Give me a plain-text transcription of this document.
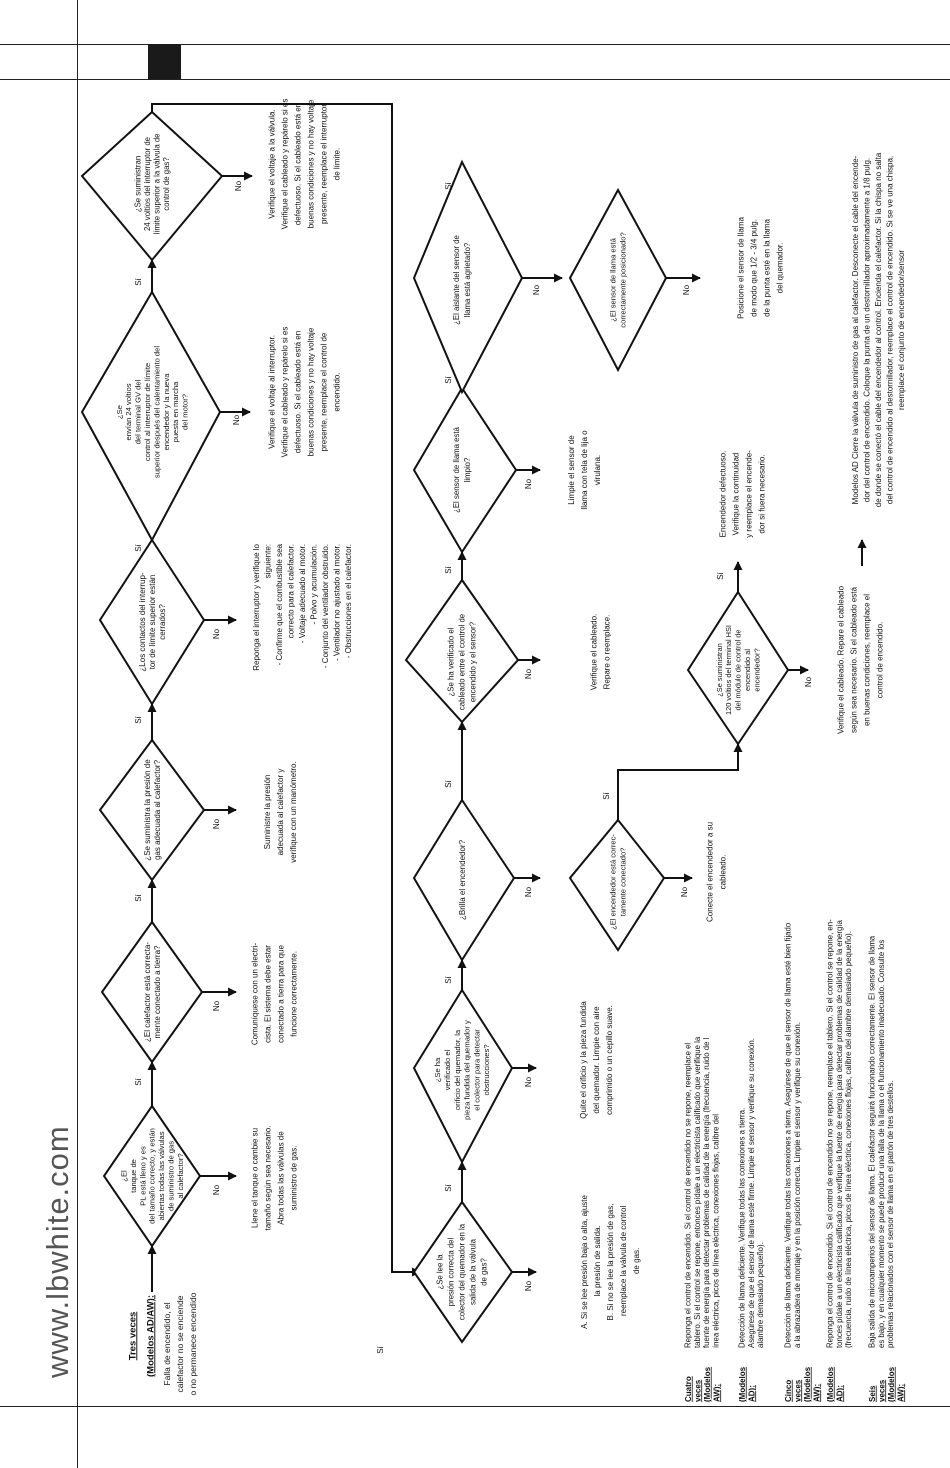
www.lbwhite.com	Tres veces (Modelos AD/AW): Falla de encendido, el calefactor no se enciende o no permanece encendido
¿Eltanque dePL está lleno y esdel tamaño correcto, y estánabiertas todas las válvulasde suministro de gasal calefactor?
¿El calefactor está correcta-mente conectado a tierra?
¿Se suministra la presión degas adecuada al calefactor?
¿Los contactos del interrup-tor de límite superior estáncerrados?
¿Seenvían 24 voltiosdel terminal GV delcontrol al interruptor de límitesuperior después del calentamiento delencendedor y la nuevapuesta en marchadel motor?
¿Se suministran24 voltios del interruptor delímite superior a la válvula decontrol de gas?
Llene el tanque o cambie su tamaño según sea necesario. Abra todas las válvulas de suministro de gas.
Comuníquese con un electri- cista. El sistema debe estar conectado a tierra para que funcione correctamente.
Suministre la presión adecuada al calefactor y verifique con un manómetro.
Reponga el interruptor y verifique lo siguiente: - Confirme que el combustible sea correcto para el calefactor. - Voltaje adecuado al motor. - Polvo y acumulación. - Conjunto del ventilador obstruido. - Ventilador no ajustado al motor. - Obstrucciones en el calefactor.
Verifique el voltaje al interruptor. Verifique el cableado y repárelo si es defectuoso. Si el cableado está en buenas condiciones y no hay voltaje presente, reemplace el control de encendido.
Verifique el voltaje a la válvula. Verifique el cableado y repárelo si es defectuoso. Si el cableado está en buenas condiciones y no hay voltaje presente, reemplace el interruptor de límite.
Sí
Sí
Sí
Sí
Sí
No
No
No
No
No
No
Sí
¿Se lee la presión correcta del colector del quemador en la salida de la válvula de gas?
¿Se haverificado elorificio del quemador, lapieza fundida del quemador yel colector para detectarobstrucciones?
¿Brilla el encendedor?	¿El encendedor está correc-tamente conectado?
¿Se ha verificado el cableado entre el control de encendido y el sensor?	¿Se suministran120 voltios del terminal HSIdel módulo de control deencendido alencendedor?
¿El sensor de llama está limpio?
¿El aislante del sensor de llama está agrietado?	¿El sensor de llama estácorrectamente posicionado?
A. Si se lee presión baja o alta, ajuste la presión de salida. B. Si no se lee la presión de gas, reemplace la válvula de control de gas.
Quite el orificio y la pieza fundida del quemador. Limpie con aire comprimido o un cepillo suave.
Conecte el encendedor a su cableado.
Verifique el cableado. Repare o reemplace.	Verifique el cableado. Repare el cableado según sea necesario. Si el cableado está en buenas condiciones, reemplace el control de encendido.
Encendedor defectuoso. Verifique la continuidad y reemplace el encende- dor si fuera necesario.
Limpie el sensor de llama con tela de lija o virulana.
Posicione el sensor de llama de modo que 1/2 - 3/4 pulg. de la punta esté en la llama del quemador.	Modelos AD Cierre la válvula de suministro de gas al calefactor. Desconecte el cable del encende- dor del control de encendido. Coloque la punta de un destornillador aproximadamente a 1/8 pulg. de donde se conectó el cable del encendedor al control. Encienda el calefactor. Si la chispa no salta del control de encendido al destornillador, reemplace el control de encendido. Si se ve una chispa, reemplace el conjunto de encendedor/sensor
Sí
Sí
Sí
Sí
Sí
Sí
Sí
Sí
No
No
No
No
No
No
No
No
No
Cuatroveces(ModelosAW):
Reponga el control de encendido. Si el control de encendido no se repone, reemplace eltablero. Si el control se repone, entonces pídale a un electricista calificado que verifique lafuente de energía para detectar problemas de calidad de la energía (frecuencia, ruido de línea eléctrica, picos de línea eléctrica, conexiones flojas, calibre del
(ModelosAD):
Detección de llama deficiente. Verifique todas las conexiones a tierra.Asegúrese de que el sensor de llama esté firme. Limpie el sensor y verifique su conexión.alambre demasiado pequeño).
Cincoveces(ModelosAW):
Detección de llama deficiente. Verifique todas las conexiones a tierra. Asegúrese de que el sensor de llama esté bien fijadoa la abrazadera de montaje y en la posición correcta. Limpie el sensor y verifique su conexión.
(ModelosAD):
Reponga el control de encendido. Si el control de encendido no se repone, reemplace el tablero. Si el control se repone, en-tonces pídale a un electricista calificado que verifique la fuente de energía para detectar problemas de calidad de la energía(frecuencia, ruido de línea eléctrica, picos de línea eléctrica, conexiones flojas, calibre del alambre demasiado pequeño).
Seisveces(ModelosAW):
Baja salida de microamperios del sensor de llama. El calefactor seguirá funcionando correctamente. El sensor de llamaes bajo, y en cualquier momento se puede producir una falla de la llama o el funcionamiento inadecuado. Consulte losproblemas relacionados con el sensor de llama en el patrón de tres destellos.
